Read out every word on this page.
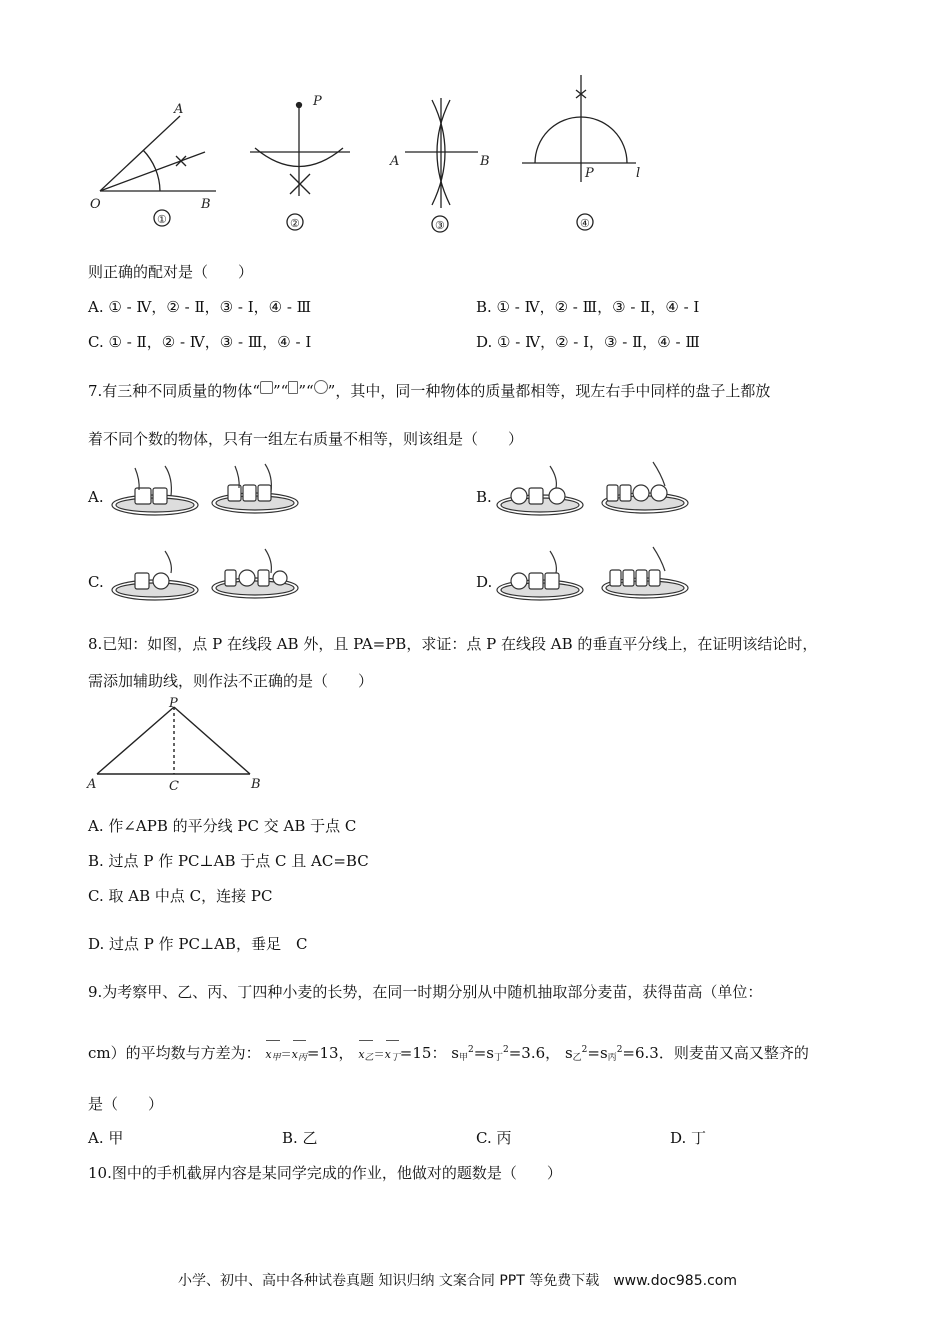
A
O	B
①
P
②
A	B
③
P	l
④
则正确的配对是（　　）
A. ① - Ⅳ，② - Ⅱ，③ - Ⅰ，④ - Ⅲ	B. ① - Ⅳ，② - Ⅲ，③ - Ⅱ，④ - Ⅰ
C. ① - Ⅱ，② - Ⅳ，③ - Ⅲ，④ - Ⅰ	D. ① - Ⅳ，② - Ⅰ，③ - Ⅱ，④ - Ⅲ
7.有三种不同质量的物体“ ”“ ”“ ”，其中，同一种物体的质量都相等，现左右手中同样的盘子上都放
着不同个数的物体，只有一组左右质量不相等，则该组是（　　）
A.	B.
C.	D.
8.已知：如图，点 P 在线段 AB 外，且 PA=PB，求证：点 P 在线段 AB 的垂直平分线上，在证明该结论时，
需添加辅助线，则作法不正确的是（　　）
P
A	C	B
A. 作∠APB 的平分线 PC 交 AB 于点 C
B. 过点 P 作 PC⊥AB 于点 C 且 AC=BC
C. 取 AB 中点 C，连接 PC
D. 过点 P 作 PC⊥AB，垂足　C
9.为考察甲、乙、丙、丁四种小麦的长势，在同一时期分别从中随机抽取部分麦苗，获得苗高（单位：
cm）的平均数与方差为： $x_甲=x_丙=13$， $x_乙=x_丁=15$： $s_甲^2=s_丁^2=3.6$， $s_乙^2=s_丙^2=6.3$．则麦苗又高又整齐的
是（　　）
A. 甲	B. 乙	C. 丙	D. 丁
10.图中的手机截屏内容是某同学完成的作业，他做对的题数是（　　）
小学、初中、高中各种试卷真题 知识归纳 文案合同 PPT 等免费下载　www.doc985.com
